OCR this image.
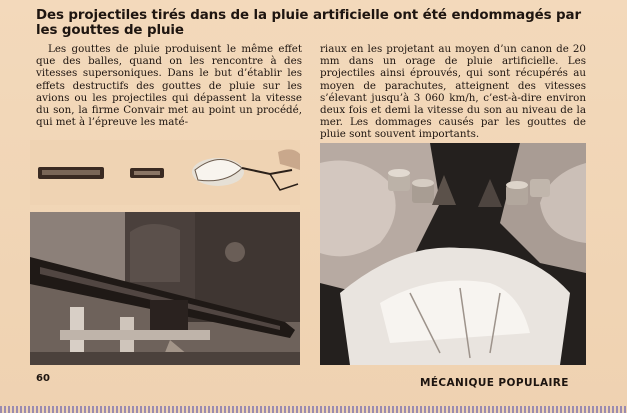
Des projectiles tirés dans de la pluie artificielle ont été endommagés par les gouttes de pluie

Les gouttes de pluie produisent le même effet que des balles, quand on les rencontre à des vitesses supersoniques. Dans le but d’établir les effets destructifs des gouttes de pluie sur les avions ou les projectiles qui dépassent la vitesse du son, la firme Convair met au point un procédé, qui met à l’épreuve les maté-

riaux en les projetant au moyen d’un canon de 20 mm dans un orage de pluie artificielle. Les projectiles ainsi éprouvés, qui sont récupérés au moyen de parachutes, atteignent des vitesses s’élevant jusqu’à 3 060 km/h, c’est-à-dire environ deux fois et demi la vitesse du son au niveau de la mer. Les dommages causés par les gouttes de pluie sont souvent importants.

60	MÉCANIQUE POPULAIRE
